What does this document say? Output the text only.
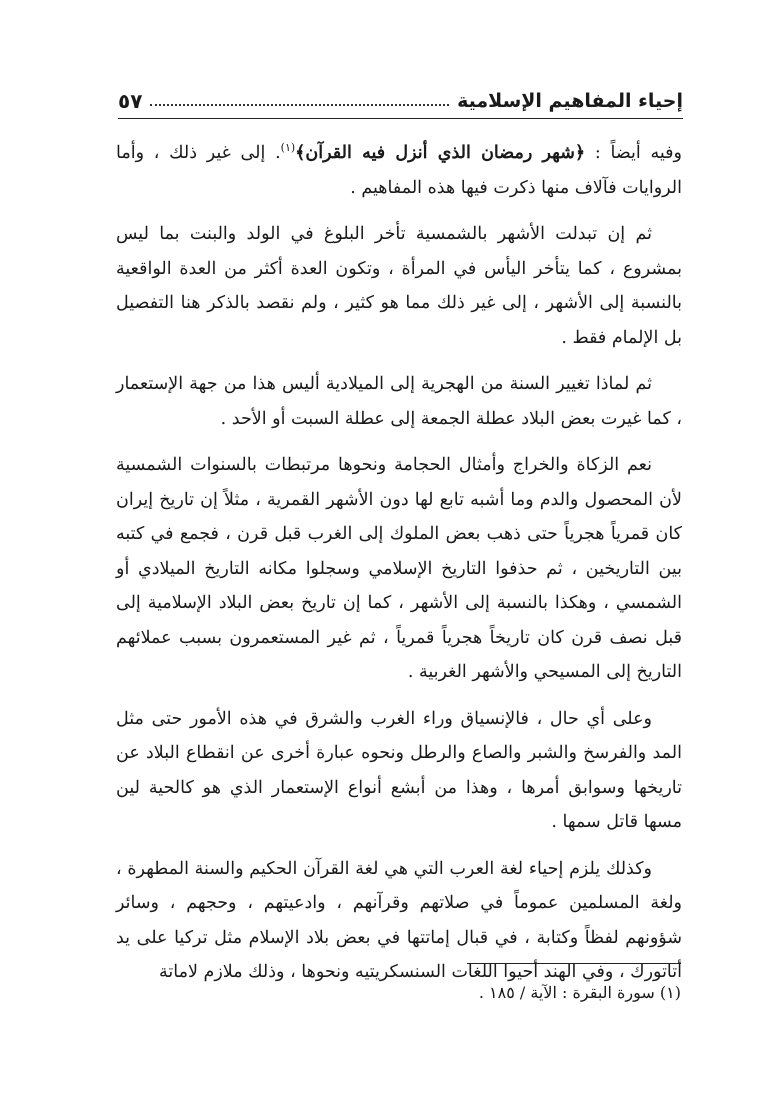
إحياء المفاهيم الإسلامية
٥٧

وفيه أيضاً : ﴿شهر رمضان الذي أنزل فيه القرآن﴾$^{(١)}$. إلى غير ذلك ، وأما الروايات فآلاف منها ذكرت فيها هذه المفاهيم .

ثم إن تبدلت الأشهر بالشمسية تأخر البلوغ في الولد والبنت بما ليس بمشروع ، كما يتأخر اليأس في المرأة ، وتكون العدة أكثر من العدة الواقعية بالنسبة إلى الأشهر ، إلى غير ذلك مما هو كثير ، ولم نقصد بالذكر هنا التفصيل بل الإلمام فقط .

ثم لماذا تغيير السنة من الهجرية إلى الميلادية أليس هذا من جهة الإستعمار ، كما غيرت بعض البلاد عطلة الجمعة إلى عطلة السبت أو الأحد .

نعم الزكاة والخراج وأمثال الحجامة ونحوها مرتبطات بالسنوات الشمسية لأن المحصول والدم وما أشبه تابع لها دون الأشهر القمرية ، مثلاً إن تاريخ إيران كان قمرياً هجرياً حتى ذهب بعض الملوك إلى الغرب قبل قرن ، فجمع في كتبه بين التاريخين ، ثم حذفوا التاريخ الإسلامي وسجلوا مكانه التاريخ الميلادي أو الشمسي ، وهكذا بالنسبة إلى الأشهر ، كما إن تاريخ بعض البلاد الإسلامية إلى قبل نصف قرن كان تاريخاً هجرياً قمرياً ، ثم غير المستعمرون بسبب عملائهم التاريخ إلى المسيحي والأشهر الغربية .

وعلى أي حال ، فالإنسياق وراء الغرب والشرق في هذه الأمور حتى مثل المد والفرسخ والشبر والصاع والرطل ونحوه عبارة أخرى عن انقطاع البلاد عن تاريخها وسوابق أمرها ، وهذا من أبشع أنواع الإستعمار الذي هو كالحية لين مسها قاتل سمها .

وكذلك يلزم إحياء لغة العرب التي هي لغة القرآن الحكيم والسنة المطهرة ، ولغة المسلمين عموماً في صلاتهم وقرآنهم ، وادعيتهم ، وحجهم ، وسائر شؤونهم لفظاً وكتابة ، في قبال إماتتها في بعض بلاد الإسلام مثل تركيا على يد أتاتورك ، وفي الهند أحيوا اللغات السنسكريتيه ونحوها ، وذلك ملازم لاماتة

(١) سورة البقرة : الآية / ١٨٥ .
